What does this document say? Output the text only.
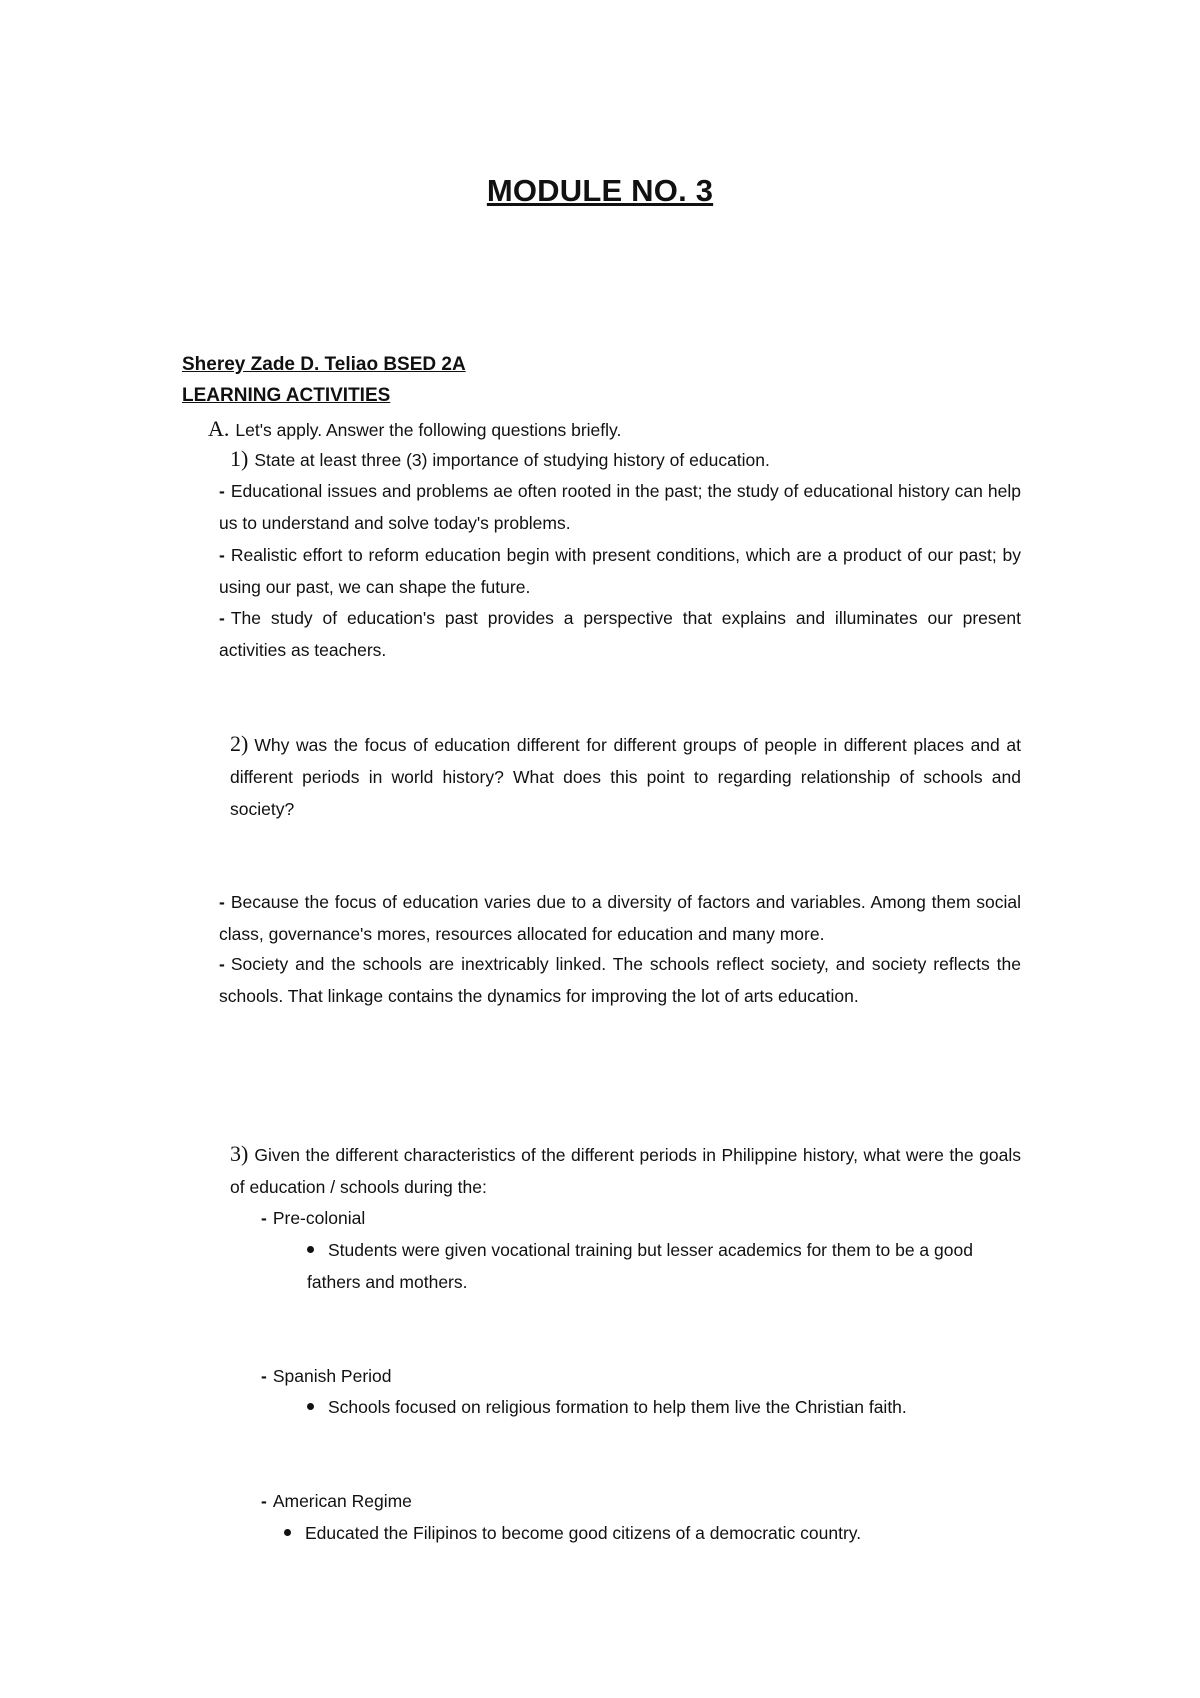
MODULE NO. 3
Sherey Zade D. Teliao BSED 2A
LEARNING ACTIVITIES
A. Let's apply. Answer the following questions briefly.
1) State at least three (3) importance of studying history of education.
- Educational issues and problems ae often rooted in the past; the study of educational history can help us to understand and solve today's problems.
- Realistic effort to reform education begin with present conditions, which are a product of our past; by using our past, we can shape the future.
- The study of education's past provides a perspective that explains and illuminates our present activities as teachers.
2) Why was the focus of education different for different groups of people in different places and at different periods in world history? What does this point to regarding relationship of schools and society?
- Because the focus of education varies due to a diversity of factors and variables. Among them social class, governance's mores, resources allocated for education and many more.
- Society and the schools are inextricably linked. The schools reflect society, and society reflects the schools. That linkage contains the dynamics for improving the lot of arts education.
3) Given the different characteristics of the different periods in Philippine history, what were the goals of education / schools during the:
- Pre-colonial
Students were given vocational training but lesser academics for them to be a good fathers and mothers.
- Spanish Period
Schools focused on religious formation to help them live the Christian faith.
- American Regime
Educated the Filipinos to become good citizens of a democratic country.
